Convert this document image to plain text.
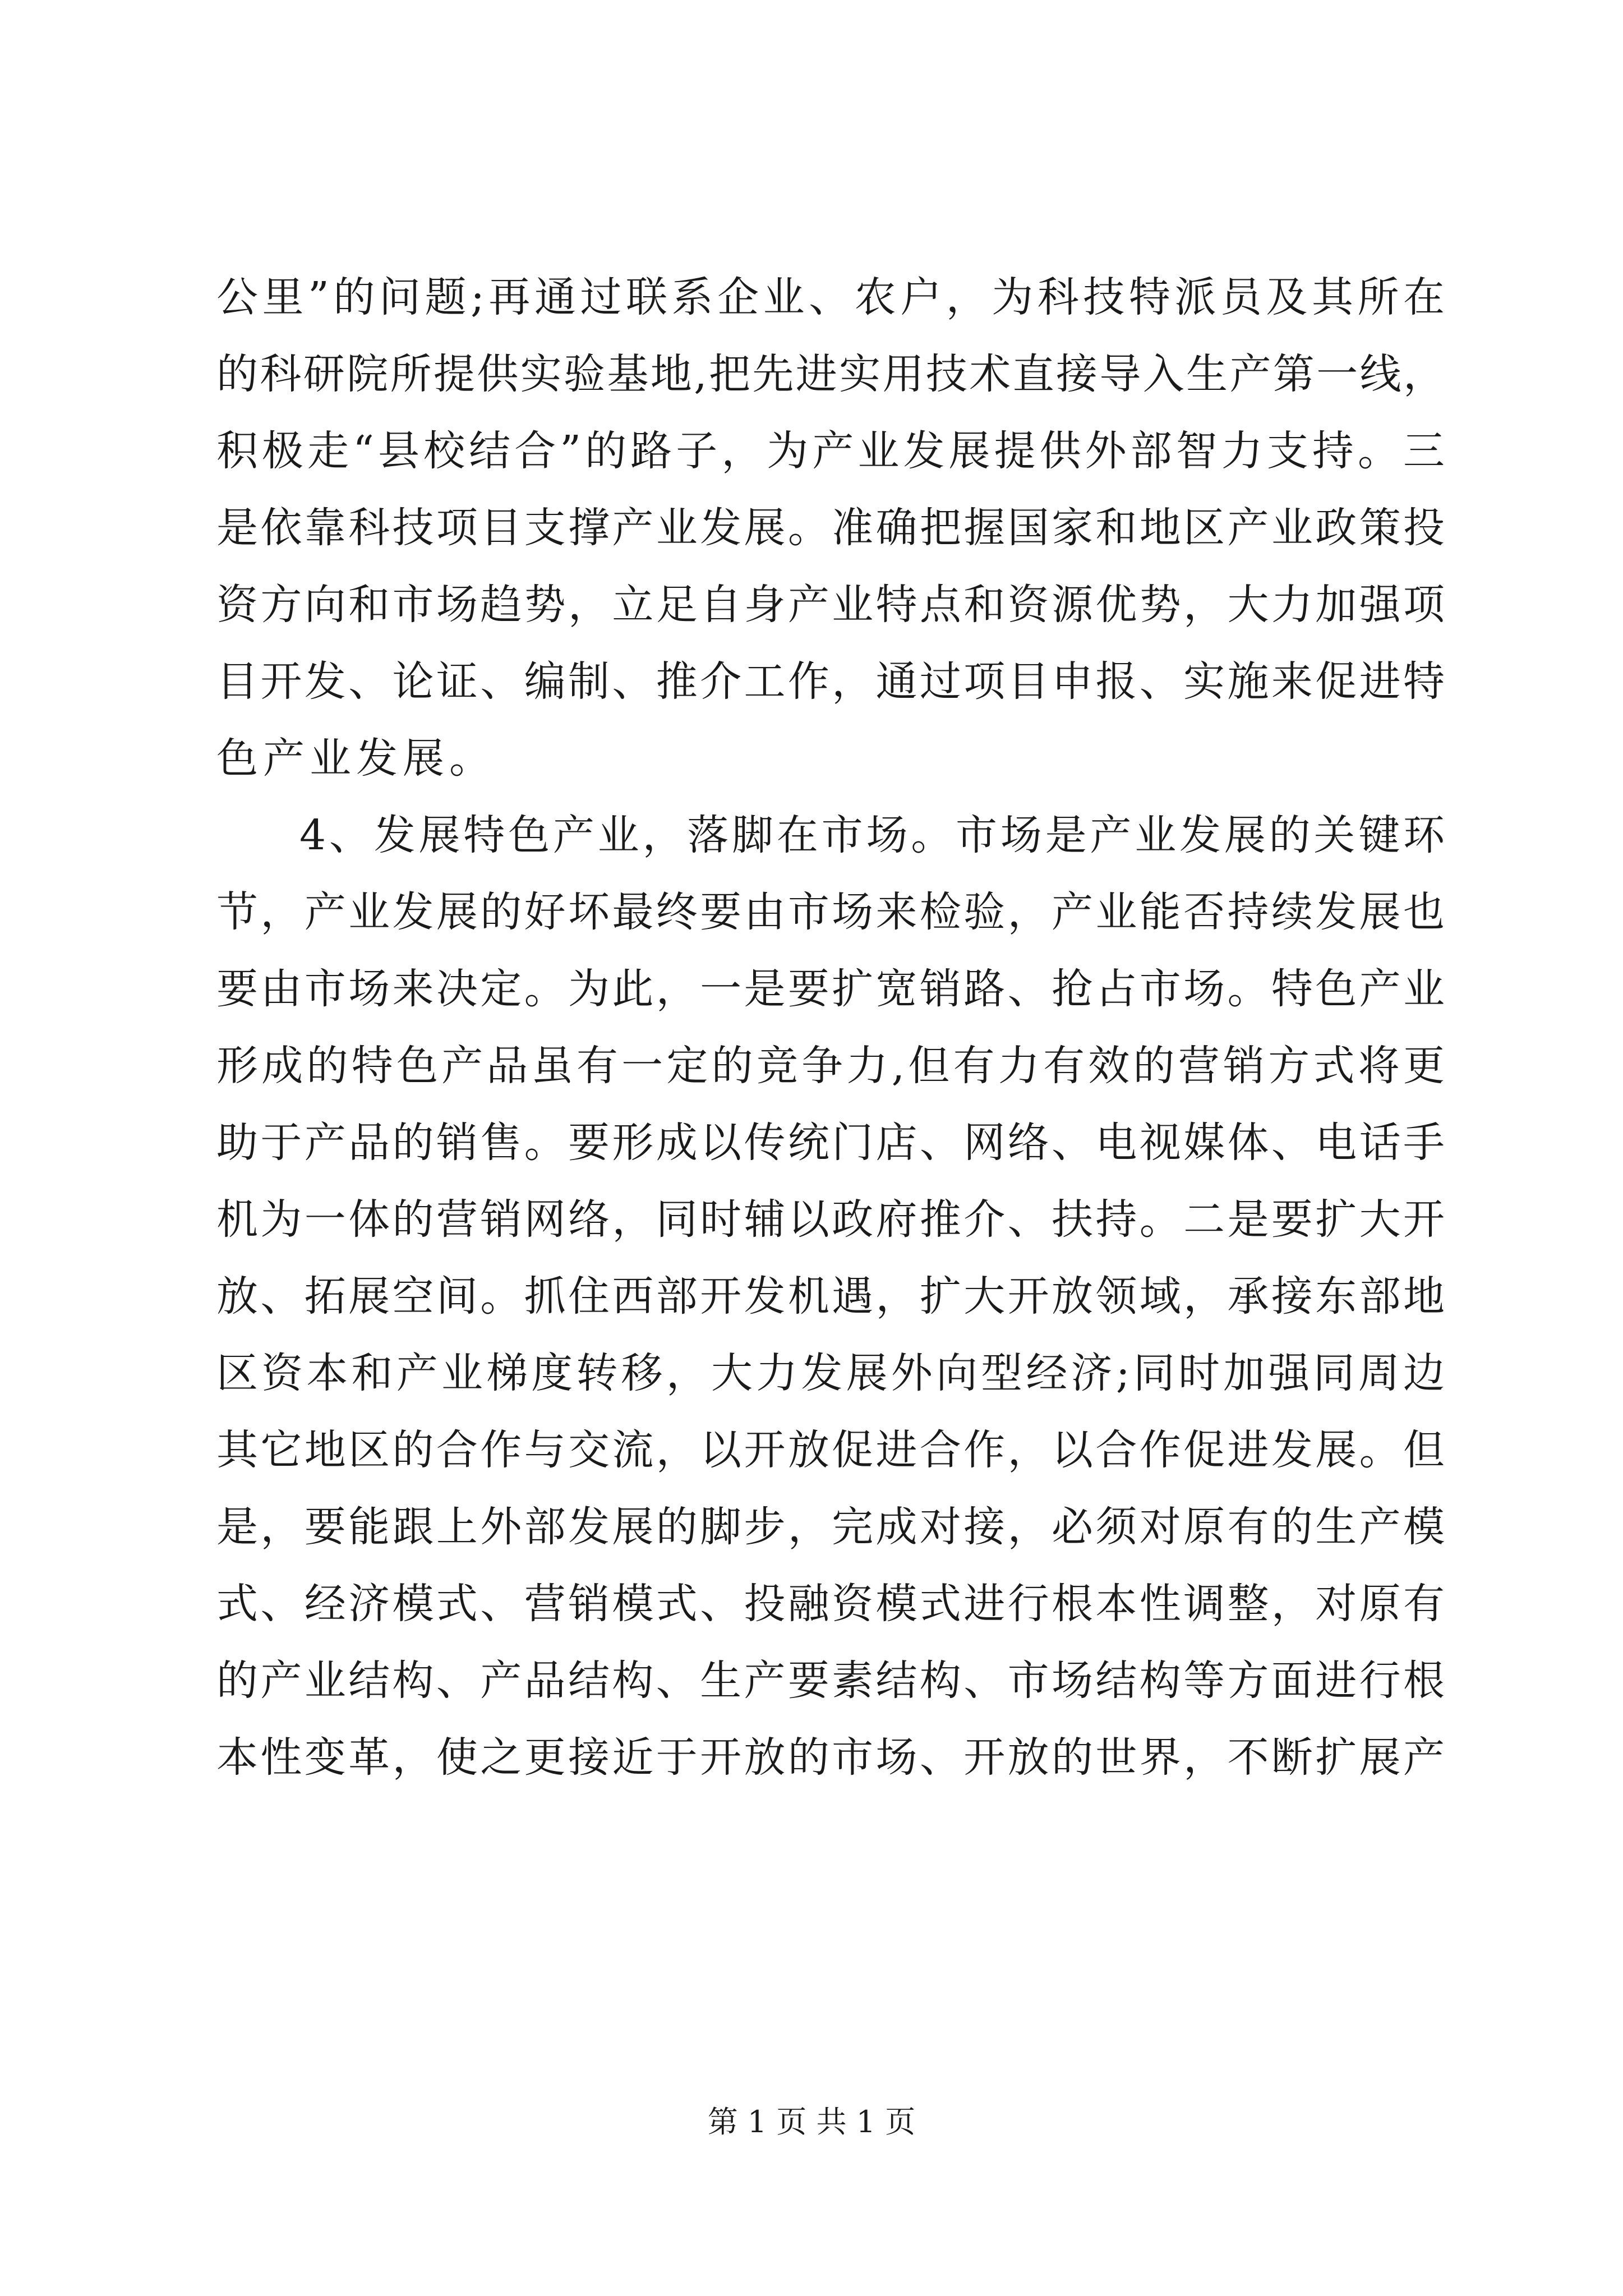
公里”的问题;再通过联系企业、农户，为科技特派员及其所在
的科研院所提供实验基地,把先进实用技术直接导入生产第一线，
积极走“县校结合”的路子，为产业发展提供外部智力支持。三
是依靠科技项目支撑产业发展。准确把握国家和地区产业政策投
资方向和市场趋势，立足自身产业特点和资源优势，大力加强项
目开发、论证、编制、推介工作，通过项目申报、实施来促进特
色产业发展。
4、发展特色产业，落脚在市场。市场是产业发展的关键环
节，产业发展的好坏最终要由市场来检验，产业能否持续发展也
要由市场来决定。为此，一是要扩宽销路、抢占市场。特色产业
形成的特色产品虽有一定的竞争力,但有力有效的营销方式将更
助于产品的销售。要形成以传统门店、网络、电视媒体、电话手
机为一体的营销网络，同时辅以政府推介、扶持。二是要扩大开
放、拓展空间。抓住西部开发机遇，扩大开放领域，承接东部地
区资本和产业梯度转移，大力发展外向型经济;同时加强同周边
其它地区的合作与交流，以开放促进合作，以合作促进发展。但
是，要能跟上外部发展的脚步，完成对接，必须对原有的生产模
式、经济模式、营销模式、投融资模式进行根本性调整，对原有
的产业结构、产品结构、生产要素结构、市场结构等方面进行根
本性变革，使之更接近于开放的市场、开放的世界，不断扩展产
第 1 页 共 1 页
